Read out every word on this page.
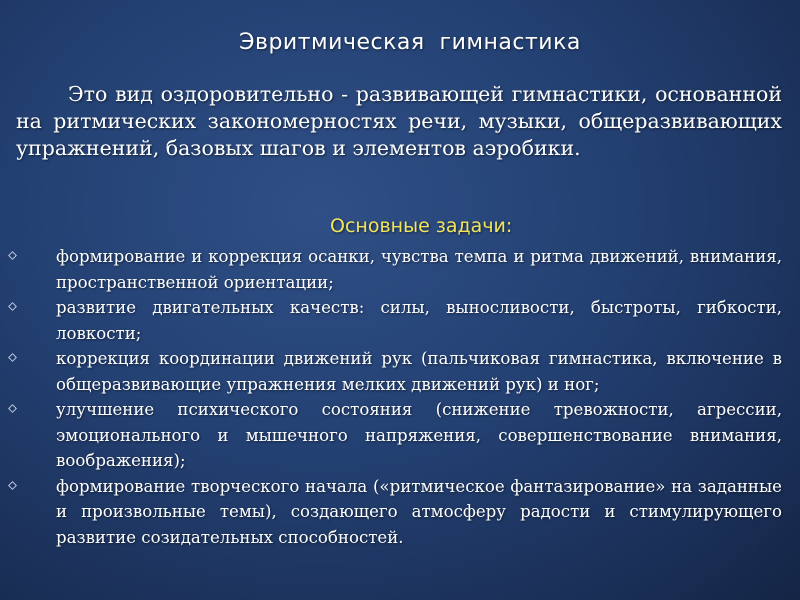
Эвритмическая  гимнастика
Это вид оздоровительно - развивающей гимнастики, основанной на ритмических закономерностях речи, музыки, общеразвивающих упражнений, базовых шагов и элементов аэробики.
Основные задачи:
формирование и коррекция осанки, чувства темпа и ритма движений, внимания, пространственной ориентации;
развитие двигательных качеств: силы, выносливости, быстроты, гибкости, ловкости;
коррекция координации движений рук (пальчиковая гимнастика, включение в общеразвивающие упражнения мелких движений рук) и ног;
улучшение психического состояния (снижение тревожности, агрессии, эмоционального и мышечного напряжения, совершенствование внимания, воображения);
формирование творческого начала («ритмическое фантазирование» на заданные и произвольные темы), создающего атмосферу радости и стимулирующего развитие созидательных способностей.
